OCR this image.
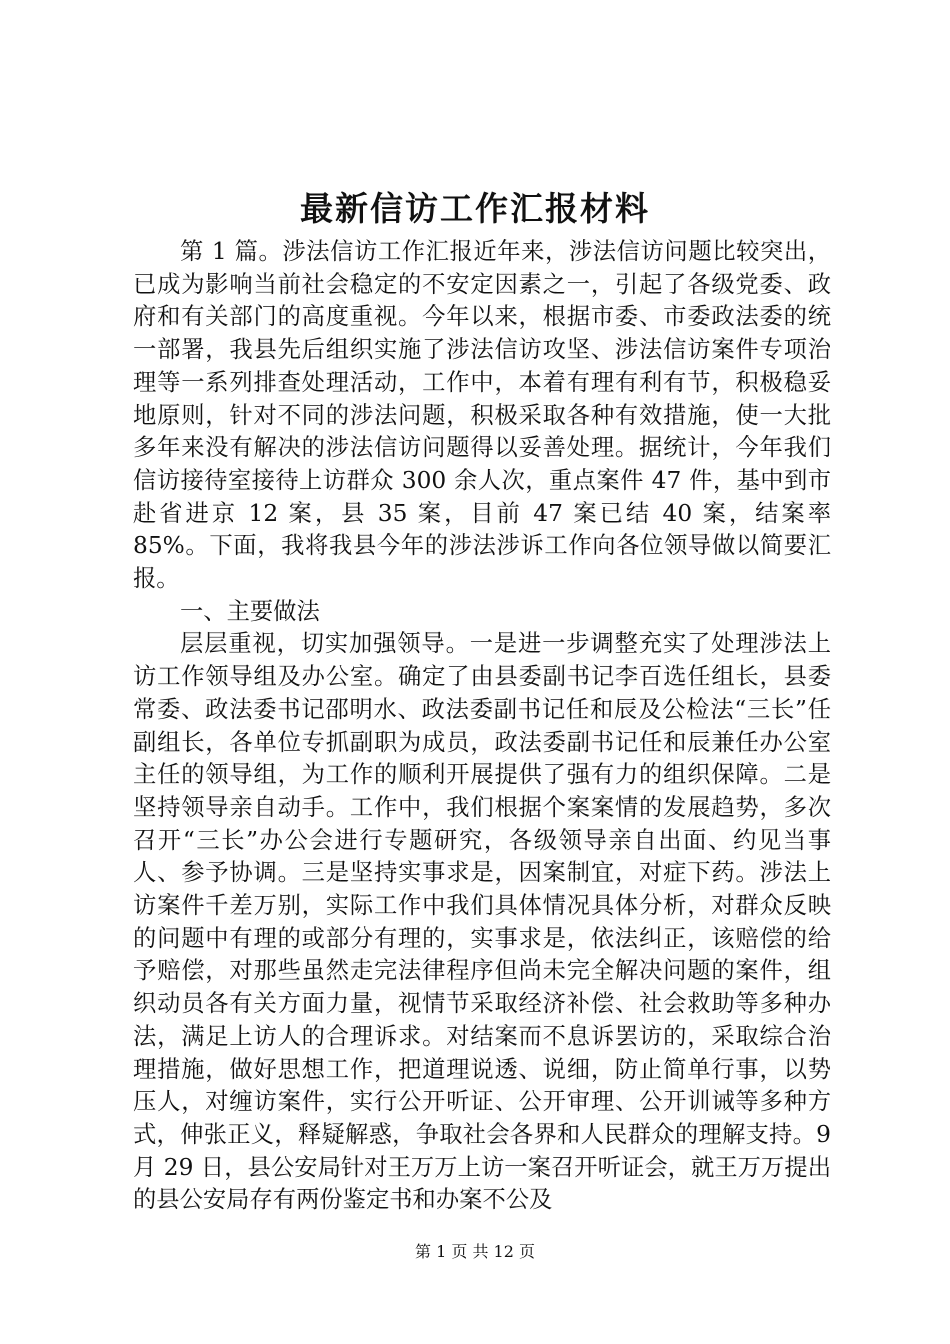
最新信访工作汇报材料

第 1 篇。涉法信访工作汇报近年来，涉法信访问题比较突出，已成为影响当前社会稳定的不安定因素之一，引起了各级党委、政府和有关部门的高度重视。今年以来，根据市委、市委政法委的统一部署，我县先后组织实施了涉法信访攻坚、涉法信访案件专项治理等一系列排查处理活动，工作中，本着有理有利有节，积极稳妥地原则，针对不同的涉法问题，积极采取各种有效措施，使一大批多年来没有解决的涉法信访问题得以妥善处理。据统计，今年我们信访接待室接待上访群众 300 余人次，重点案件 47 件，基中到市赴省进京 12 案，县 35 案，目前 47 案已结 40 案，结案率 85%。下面，我将我县今年的涉法涉诉工作向各位领导做以简要汇报。

一、主要做法

层层重视，切实加强领导。一是进一步调整充实了处理涉法上访工作领导组及办公室。确定了由县委副书记李百选任组长，县委常委、政法委书记邵明水、政法委副书记任和辰及公检法“三长”任副组长，各单位专抓副职为成员，政法委副书记任和辰兼任办公室主任的领导组，为工作的顺利开展提供了强有力的组织保障。二是坚持领导亲自动手。工作中，我们根据个案案情的发展趋势，多次召开“三长”办公会进行专题研究，各级领导亲自出面、约见当事人、参予协调。三是坚持实事求是，因案制宜，对症下药。涉法上访案件千差万别，实际工作中我们具体情况具体分析，对群众反映的问题中有理的或部分有理的，实事求是，依法纠正，该赔偿的给予赔偿，对那些虽然走完法律程序但尚未完全解决问题的案件，组织动员各有关方面力量，视情节采取经济补偿、社会救助等多种办法，满足上访人的合理诉求。对结案而不息诉罢访的，采取综合治理措施，做好思想工作，把道理说透、说细，防止简单行事，以势压人，对缠访案件，实行公开听证、公开审理、公开训诫等多种方式，伸张正义，释疑解惑，争取社会各界和人民群众的理解支持。9 月 29 日，县公安局针对王万万上访一案召开听证会，就王万万提出的县公安局存有两份鉴定书和办案不公及

第 1 页 共 12 页
